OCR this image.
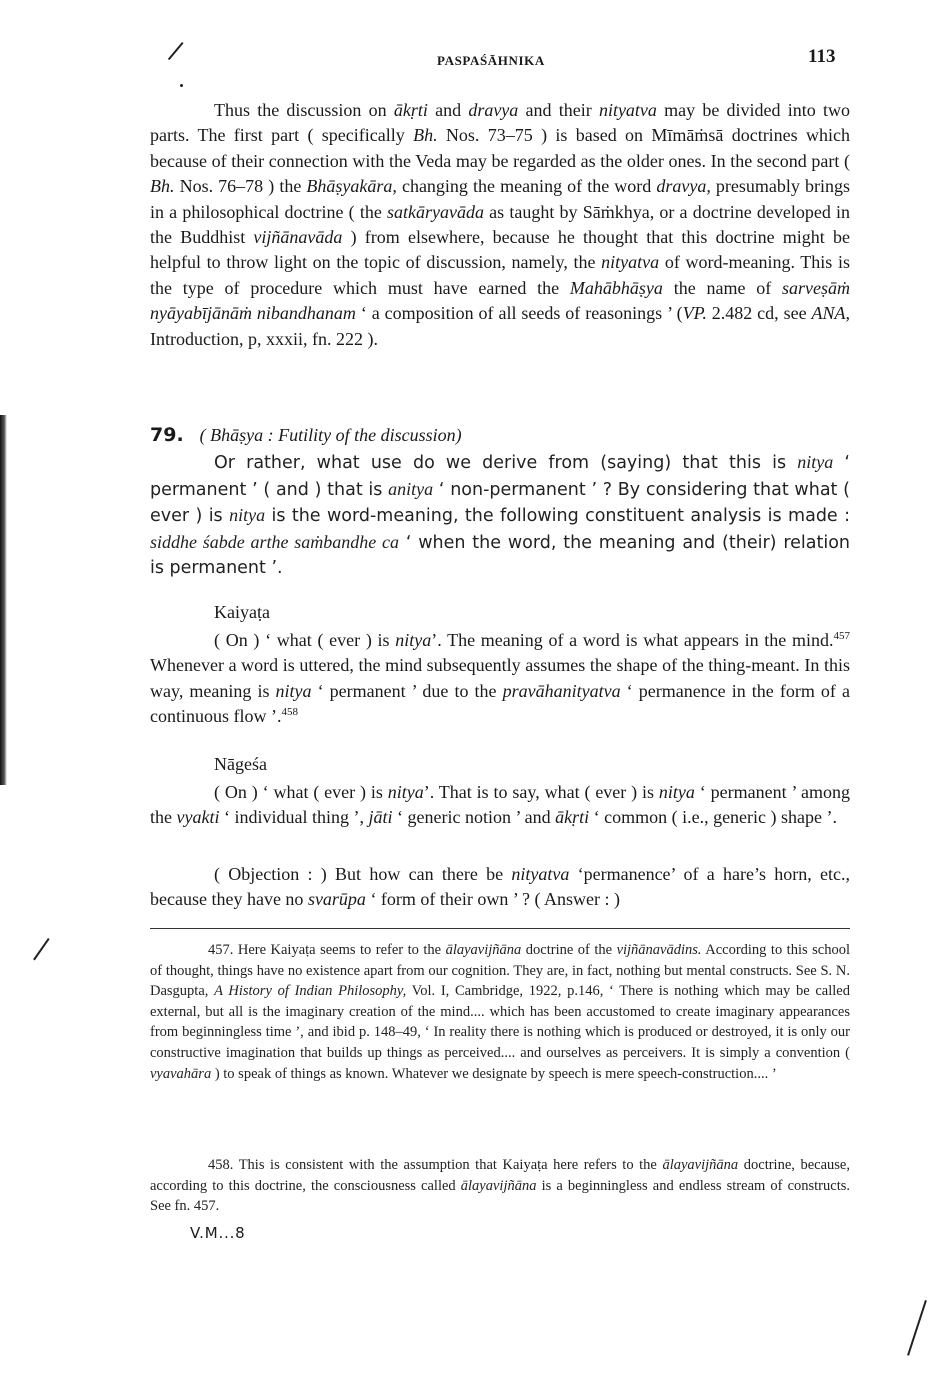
PASPAŚĀHNIKA	113
Thus the discussion on ākṛti and dravya and their nityatva may be divided into two parts. The first part ( specifically Bh. Nos. 73–75 ) is based on Mīmāṁsā doctrines which because of their connection with the Veda may be regarded as the older ones. In the second part ( Bh. Nos. 76–78 ) the Bhāṣyakāra, changing the meaning of the word dravya, presumably brings in a philosophical doctrine ( the satkāryavāda as taught by Sāṁkhya, or a doctrine developed in the Buddhist vijñānavāda ) from elsewhere, because he thought that this doctrine might be helpful to throw light on the topic of discussion, namely, the nityatva of word-meaning. This is the type of procedure which must have earned the Mahābhāṣya the name of sarveṣāṁ nyāyabījānāṁ nibandhanam ‘ a composition of all seeds of reasonings ’ (VP. 2.482 cd, see ANA, Introduction, p, xxxii, fn. 222 ).
79. ( Bhāṣya : Futility of the discussion)
Or rather, what use do we derive from (saying) that this is nitya ‘ permanent ’ ( and ) that is anitya ‘ non-permanent ’ ? By considering that what ( ever ) is nitya is the word-meaning, the following constituent analysis is made : siddhe śabde arthe saṁbandhe ca ‘ when the word, the meaning and (their) relation is permanent ’.
Kaiyaṭa
( On ) ‘ what ( ever ) is nitya’. The meaning of a word is what appears in the mind.$^{457}$ Whenever a word is uttered, the mind subsequently assumes the shape of the thing-meant. In this way, meaning is nitya ‘ permanent ’ due to the pravāhanityatva ‘ permanence in the form of a continuous flow ’.$^{458}$
Nāgeśa
( On ) ‘ what ( ever ) is nitya’. That is to say, what ( ever ) is nitya ‘ permanent ’ among the vyakti ‘ individual thing ’, jāti ‘ generic notion ’ and ākṛti ‘ common ( i.e., generic ) shape ’.
( Objection : ) But how can there be nityatva ‘permanence’ of a hare’s horn, etc., because they have no svarūpa ‘ form of their own ’ ? ( Answer : )
457. Here Kaiyaṭa seems to refer to the ālayavijñāna doctrine of the vijñānavādins. According to this school of thought, things have no existence apart from our cognition. They are, in fact, nothing but mental constructs. See S. N. Dasgupta, A History of Indian Philosophy, Vol. I, Cambridge, 1922, p.146, ‘ There is nothing which may be called external, but all is the imaginary creation of the mind.... which has been accustomed to create imaginary appearances from beginningless time ’, and ibid p. 148–49, ‘ In reality there is nothing which is produced or destroyed, it is only our constructive imagination that builds up things as perceived.... and ourselves as perceivers. It is simply a convention ( vyavahāra ) to speak of things as known. Whatever we designate by speech is mere speech-construction.... ’
458. This is consistent with the assumption that Kaiyaṭa here refers to the ālayavijñāna doctrine, because, according to this doctrine, the consciousness called ālayavijñāna is a beginningless and endless stream of constructs. See fn. 457.
V.M...8
